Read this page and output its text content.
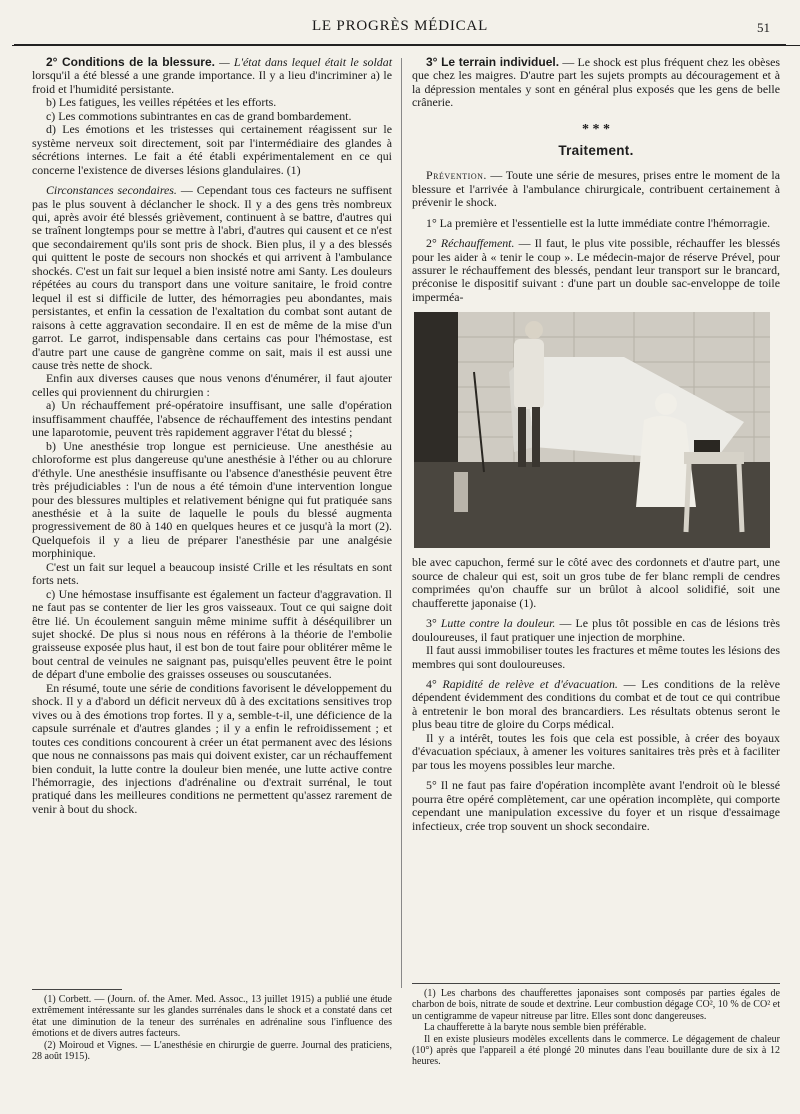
LE PROGRÈS MÉDICAL	51

2° Conditions de la blessure. — L'état dans lequel était le soldat lorsqu'il a été blessé a une grande importance. Il y a lieu d'incriminer a) le froid et l'humidité persistante.

b) Les fatigues, les veilles répétées et les efforts.

c) Les commotions subintrantes en cas de grand bombardement.

d) Les émotions et les tristesses qui certainement réagissent sur le système nerveux soit directement, soit par l'intermédiaire des glandes à sécrétions internes. Le fait a été établi expérimentalement en ce qui concerne l'existence de diverses lésions glandulaires. (1)

Circonstances secondaires. — Cependant tous ces facteurs ne suffisent pas le plus souvent à déclancher le shock. Il y a des gens très nombreux qui, après avoir été blessés grièvement, continuent à se battre, d'autres qui se traînent longtemps pour se mettre à l'abri, d'autres qui causent et ce n'est que secondairement qu'ils sont pris de shock. Bien plus, il y a des blessés qui quittent le poste de secours non shockés et qui arrivent à l'ambulance shockés. C'est un fait sur lequel a bien insisté notre ami Santy. Les douleurs répétées au cours du transport dans une voiture sanitaire, le froid contre lequel il est si difficile de lutter, des hémorragies peu abondantes, mais persistantes, et enfin la cessation de l'exaltation du combat sont autant de raisons à cette aggravation secondaire. Il en est de même de la mise d'un garrot. Le garrot, indispensable dans certains cas pour l'hémostase, est d'autre part une cause de gangrène comme on sait, mais il est aussi une cause très nette de shock.

Enfin aux diverses causes que nous venons d'énumérer, il faut ajouter celles qui proviennent du chirurgien :

a) Un réchauffement pré-opératoire insuffisant, une salle d'opération insuffisamment chauffée, l'absence de réchauffement des intestins pendant une laparotomie, peuvent très rapidement aggraver l'état du blessé ;

b) Une anesthésie trop longue est pernicieuse. Une anesthésie au chloroforme est plus dangereuse qu'une anesthésie à l'éther ou au chlorure d'éthyle. Une anesthésie insuffisante ou l'absence d'anesthésie peuvent être très préjudiciables : l'un de nous a été témoin d'une intervention longue pour des blessures multiples et relativement bénigne qui fut pratiquée sans anesthésie et à la suite de laquelle le pouls du blessé augmenta progressivement de 80 à 140 en quelques heures et ce jusqu'à la mort (2). Quelquefois il y a lieu de préparer l'anesthésie par une analgésie morphinique.

C'est un fait sur lequel a beaucoup insisté Crille et les résultats en sont forts nets.

c) Une hémostase insuffisante est également un facteur d'aggravation. Il ne faut pas se contenter de lier les gros vaisseaux. Tout ce qui saigne doit être lié. Un écoulement sanguin même minime suffit à déséquilibrer un sujet shocké. De plus si nous nous en référons à la théorie de l'embolie graisseuse exposée plus haut, il est bon de tout faire pour oblitérer même le bout central de veinules ne saignant pas, puisqu'elles peuvent être le point de départ d'une embolie des graisses osseuses ou souscutanées.

En résumé, toute une série de conditions favorisent le développement du shock. Il y a d'abord un déficit nerveux dû à des excitations sensitives trop vives ou à des émotions trop fortes. Il y a, semble-t-il, une déficience de la capsule surrénale et d'autres glandes ; il y a enfin le refroidissement ; et toutes ces conditions concourent à créer un état permanent avec des lésions que nous ne connaissons pas mais qui doivent exister, car un réchauffement bien conduit, la lutte contre la douleur bien menée, une lutte active contre l'hémorragie, des injections d'adrénaline ou d'extrait surrénal, le tout pratiqué dans les meilleures conditions ne permettent qu'assez rarement de venir à bout du shock.

(1) Corbett. — (Journ. of. the Amer. Med. Assoc., 13 juillet 1915) a publié une étude extrêmement intéressante sur les glandes surrénales dans le shock et a constaté dans cet état une diminution de la teneur des surrénales en adrénaline sous l'influence des émotions et de divers autres facteurs.

(2) Moiroud et Vignes. — L'anesthésie en chirurgie de guerre. Journal des praticiens, 28 août 1915).

3° Le terrain individuel. — Le shock est plus fréquent chez les obèses que chez les maigres. D'autre part les sujets prompts au découragement et à la dépression mentales y sont en général plus exposés que les gens de belle crânerie.

* * *
Traitement.

Prévention. — Toute une série de mesures, prises entre le moment de la blessure et l'arrivée à l'ambulance chirurgicale, contribuent certainement à prévenir le shock.

1° La première et l'essentielle est la lutte immédiate contre l'hémorragie.

2° Réchauffement. — Il faut, le plus vite possible, réchauffer les blessés pour les aider à « tenir le coup ». Le médecin-major de réserve Prével, pour assurer le réchauffement des blessés, pendant leur transport sur le brancard, préconise le dispositif suivant : d'une part un double sac-enveloppe de toile imperméa-

ble avec capuchon, fermé sur le côté avec des cordonnets et d'autre part, une source de chaleur qui est, soit un gros tube de fer blanc rempli de cendres comprimées qu'on chauffe sur un brûlot à alcool solidifié, soit une chaufferette japonaise (1).

3° Lutte contre la douleur. — Le plus tôt possible en cas de lésions très douloureuses, il faut pratiquer une injection de morphine.

Il faut aussi immobiliser toutes les fractures et même toutes les lésions des membres qui sont douloureuses.

4° Rapidité de relève et d'évacuation. — Les conditions de la relève dépendent évidemment des conditions du combat et de tout ce qui contribue à entretenir le bon moral des brancardiers. Les résultats obtenus seront le plus beau titre de gloire du Corps médical.

Il y a intérêt, toutes les fois que cela est possible, à créer des boyaux d'évacuation spéciaux, à amener les voitures sanitaires très près et à faciliter par tous les moyens possibles leur marche.

5° Il ne faut pas faire d'opération incomplète avant l'endroit où le blessé pourra être opéré complètement, car une opération incomplète, qui comporte cependant une manipulation excessive du foyer et un risque d'essaimage infectieux, crée trop souvent un shock secondaire.

(1) Les charbons des chaufferettes japonaises sont composés par parties égales de charbon de bois, nitrate de soude et dextrine. Leur combustion dégage CO², 10 % de CO² et un centigramme de vapeur nitreuse par litre. Elles sont donc dangereuses.

La chaufferette à la baryte nous semble bien préférable.

Il en existe plusieurs modèles excellents dans le commerce. Le dégagement de chaleur (10°) après que l'appareil a été plongé 20 minutes dans l'eau bouillante dure de six à 12 heures.
